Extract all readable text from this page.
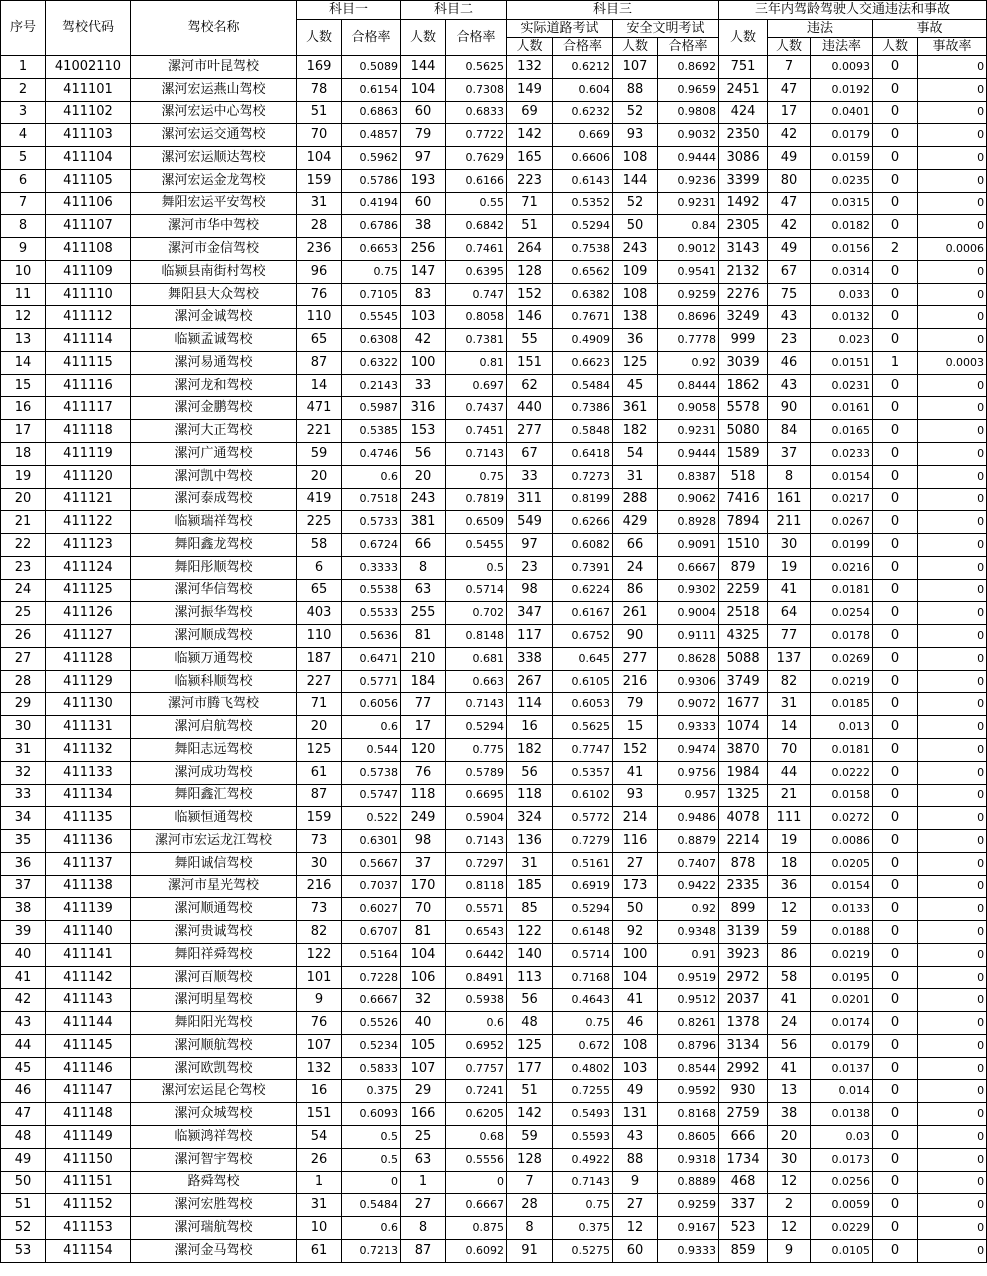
序号	驾校代码	驾校名称	科目一		科目二		科目三				三年内驾龄驾驶人交通违法和事故				
			人数	合格率	人数	合格率	实际道路考试		安全文明考试		人数	违法		事故	
							人数	合格率	人数	合格率		人数	违法率	人数	事故率
1	41002110	漯河市叶昆驾校	169	0.5089	144	0.5625	132	0.6212	107	0.8692	751	7	0.0093	0	0
2	411101	漯河宏运燕山驾校	78	0.6154	104	0.7308	149	0.604	88	0.9659	2451	47	0.0192	0	0
3	411102	漯河宏运中心驾校	51	0.6863	60	0.6833	69	0.6232	52	0.9808	424	17	0.0401	0	0
4	411103	漯河宏运交通驾校	70	0.4857	79	0.7722	142	0.669	93	0.9032	2350	42	0.0179	0	0
5	411104	漯河宏运顺达驾校	104	0.5962	97	0.7629	165	0.6606	108	0.9444	3086	49	0.0159	0	0
6	411105	漯河宏运金龙驾校	159	0.5786	193	0.6166	223	0.6143	144	0.9236	3399	80	0.0235	0	0
7	411106	舞阳宏运平安驾校	31	0.4194	60	0.55	71	0.5352	52	0.9231	1492	47	0.0315	0	0
8	411107	漯河市华中驾校	28	0.6786	38	0.6842	51	0.5294	50	0.84	2305	42	0.0182	0	0
9	411108	漯河市金信驾校	236	0.6653	256	0.7461	264	0.7538	243	0.9012	3143	49	0.0156	2	0.0006
10	411109	临颍县南街村驾校	96	0.75	147	0.6395	128	0.6562	109	0.9541	2132	67	0.0314	0	0
11	411110	舞阳县大众驾校	76	0.7105	83	0.747	152	0.6382	108	0.9259	2276	75	0.033	0	0
12	411112	漯河金诚驾校	110	0.5545	103	0.8058	146	0.7671	138	0.8696	3249	43	0.0132	0	0
13	411114	临颍孟诚驾校	65	0.6308	42	0.7381	55	0.4909	36	0.7778	999	23	0.023	0	0
14	411115	漯河易通驾校	87	0.6322	100	0.81	151	0.6623	125	0.92	3039	46	0.0151	1	0.0003
15	411116	漯河龙和驾校	14	0.2143	33	0.697	62	0.5484	45	0.8444	1862	43	0.0231	0	0
16	411117	漯河金鹏驾校	471	0.5987	316	0.7437	440	0.7386	361	0.9058	5578	90	0.0161	0	0
17	411118	漯河大正驾校	221	0.5385	153	0.7451	277	0.5848	182	0.9231	5080	84	0.0165	0	0
18	411119	漯河广通驾校	59	0.4746	56	0.7143	67	0.6418	54	0.9444	1589	37	0.0233	0	0
19	411120	漯河凯中驾校	20	0.6	20	0.75	33	0.7273	31	0.8387	518	8	0.0154	0	0
20	411121	漯河泰成驾校	419	0.7518	243	0.7819	311	0.8199	288	0.9062	7416	161	0.0217	0	0
21	411122	临颍瑞祥驾校	225	0.5733	381	0.6509	549	0.6266	429	0.8928	7894	211	0.0267	0	0
22	411123	舞阳鑫龙驾校	58	0.6724	66	0.5455	97	0.6082	66	0.9091	1510	30	0.0199	0	0
23	411124	舞阳彤顺驾校	6	0.3333	8	0.5	23	0.7391	24	0.6667	879	19	0.0216	0	0
24	411125	漯河华信驾校	65	0.5538	63	0.5714	98	0.6224	86	0.9302	2259	41	0.0181	0	0
25	411126	漯河振华驾校	403	0.5533	255	0.702	347	0.6167	261	0.9004	2518	64	0.0254	0	0
26	411127	漯河顺成驾校	110	0.5636	81	0.8148	117	0.6752	90	0.9111	4325	77	0.0178	0	0
27	411128	临颍万通驾校	187	0.6471	210	0.681	338	0.645	277	0.8628	5088	137	0.0269	0	0
28	411129	临颍科顺驾校	227	0.5771	184	0.663	267	0.6105	216	0.9306	3749	82	0.0219	0	0
29	411130	漯河市腾飞驾校	71	0.6056	77	0.7143	114	0.6053	79	0.9072	1677	31	0.0185	0	0
30	411131	漯河启航驾校	20	0.6	17	0.5294	16	0.5625	15	0.9333	1074	14	0.013	0	0
31	411132	舞阳志远驾校	125	0.544	120	0.775	182	0.7747	152	0.9474	3870	70	0.0181	0	0
32	411133	漯河成功驾校	61	0.5738	76	0.5789	56	0.5357	41	0.9756	1984	44	0.0222	0	0
33	411134	舞阳鑫汇驾校	87	0.5747	118	0.6695	118	0.6102	93	0.957	1325	21	0.0158	0	0
34	411135	临颍恒通驾校	159	0.522	249	0.5904	324	0.5772	214	0.9486	4078	111	0.0272	0	0
35	411136	漯河市宏运龙江驾校	73	0.6301	98	0.7143	136	0.7279	116	0.8879	2214	19	0.0086	0	0
36	411137	舞阳诚信驾校	30	0.5667	37	0.7297	31	0.5161	27	0.7407	878	18	0.0205	0	0
37	411138	漯河市星光驾校	216	0.7037	170	0.8118	185	0.6919	173	0.9422	2335	36	0.0154	0	0
38	411139	漯河顺通驾校	73	0.6027	70	0.5571	85	0.5294	50	0.92	899	12	0.0133	0	0
39	411140	漯河贵诚驾校	82	0.6707	81	0.6543	122	0.6148	92	0.9348	3139	59	0.0188	0	0
40	411141	舞阳祥舜驾校	122	0.5164	104	0.6442	140	0.5714	100	0.91	3923	86	0.0219	0	0
41	411142	漯河百顺驾校	101	0.7228	106	0.8491	113	0.7168	104	0.9519	2972	58	0.0195	0	0
42	411143	漯河明星驾校	9	0.6667	32	0.5938	56	0.4643	41	0.9512	2037	41	0.0201	0	0
43	411144	舞阳阳光驾校	76	0.5526	40	0.6	48	0.75	46	0.8261	1378	24	0.0174	0	0
44	411145	漯河顺航驾校	107	0.5234	105	0.6952	125	0.672	108	0.8796	3134	56	0.0179	0	0
45	411146	漯河欧凯驾校	132	0.5833	107	0.7757	177	0.4802	103	0.8544	2992	41	0.0137	0	0
46	411147	漯河宏运昆仑驾校	16	0.375	29	0.7241	51	0.7255	49	0.9592	930	13	0.014	0	0
47	411148	漯河众城驾校	151	0.6093	166	0.6205	142	0.5493	131	0.8168	2759	38	0.0138	0	0
48	411149	临颍鸿祥驾校	54	0.5	25	0.68	59	0.5593	43	0.8605	666	20	0.03	0	0
49	411150	漯河智宇驾校	26	0.5	63	0.5556	128	0.4922	88	0.9318	1734	30	0.0173	0	0
50	411151	路舜驾校	1	0	1	0	7	0.7143	9	0.8889	468	12	0.0256	0	0
51	411152	漯河宏胜驾校	31	0.5484	27	0.6667	28	0.75	27	0.9259	337	2	0.0059	0	0
52	411153	漯河瑞航驾校	10	0.6	8	0.875	8	0.375	12	0.9167	523	12	0.0229	0	0
53	411154	漯河金马驾校	61	0.7213	87	0.6092	91	0.5275	60	0.9333	859	9	0.0105	0	0
